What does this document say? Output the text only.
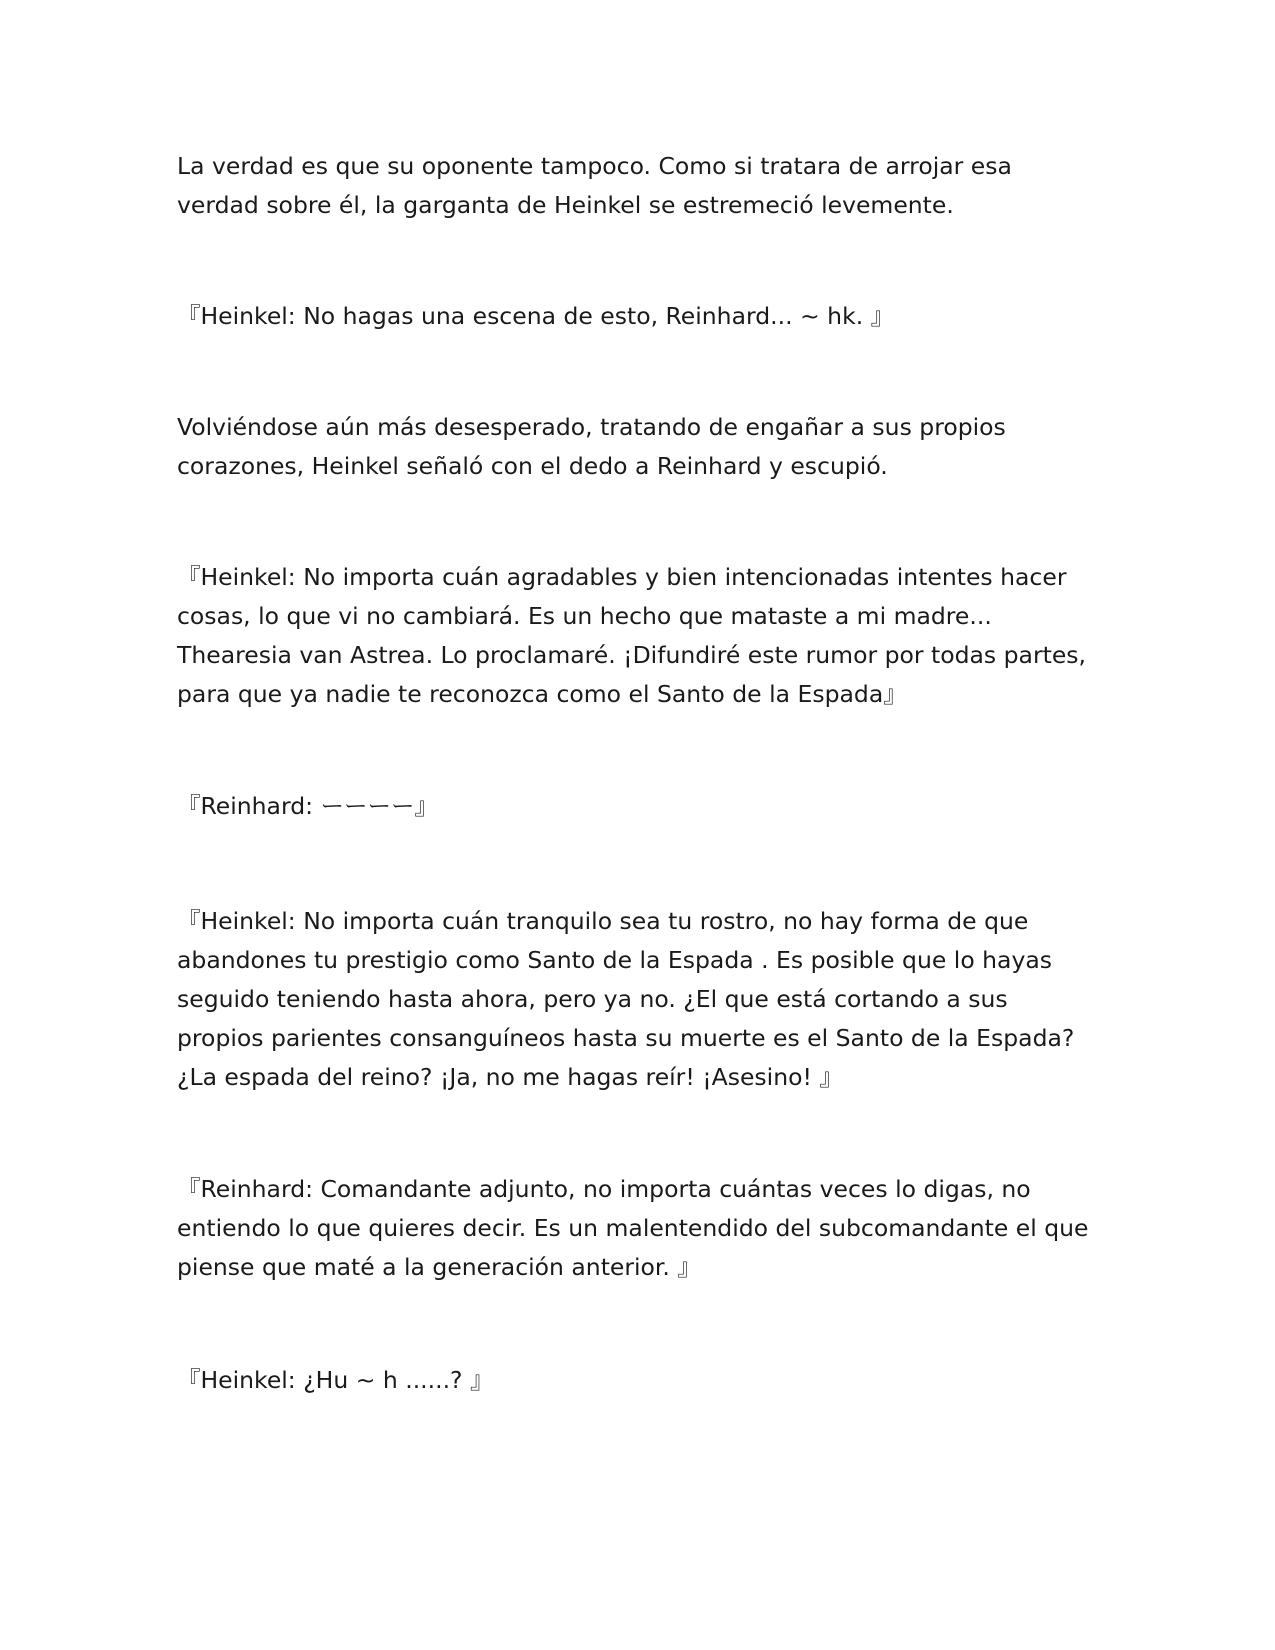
La verdad es que su oponente tampoco. Como si tratara de arrojar esa
verdad sobre él, la garganta de Heinkel se estremeció levemente.

『Heinkel: No hagas una escena de esto, Reinhard... ~ hk. 』

Volviéndose aún más desesperado, tratando de engañar a sus propios
corazones, Heinkel señaló con el dedo a Reinhard y escupió.

『Heinkel: No importa cuán agradables y bien intencionadas intentes hacer
cosas, lo que vi no cambiará. Es un hecho que mataste a mi madre...
Thearesia van Astrea. Lo proclamaré. ¡Difundiré este rumor por todas partes,
para que ya nadie te reconozca como el Santo de la Espada』

『Reinhard: ーーーー』

『Heinkel: No importa cuán tranquilo sea tu rostro, no hay forma de que
abandones tu prestigio como Santo de la Espada . Es posible que lo hayas
seguido teniendo hasta ahora, pero ya no. ¿El que está cortando a sus
propios parientes consanguíneos hasta su muerte es el Santo de la Espada?
¿La espada del reino? ¡Ja, no me hagas reír! ¡Asesino! 』

『Reinhard: Comandante adjunto, no importa cuántas veces lo digas, no
entiendo lo que quieres decir. Es un malentendido del subcomandante el que
piense que maté a la generación anterior. 』

『Heinkel: ¿Hu ~ h ......? 』
